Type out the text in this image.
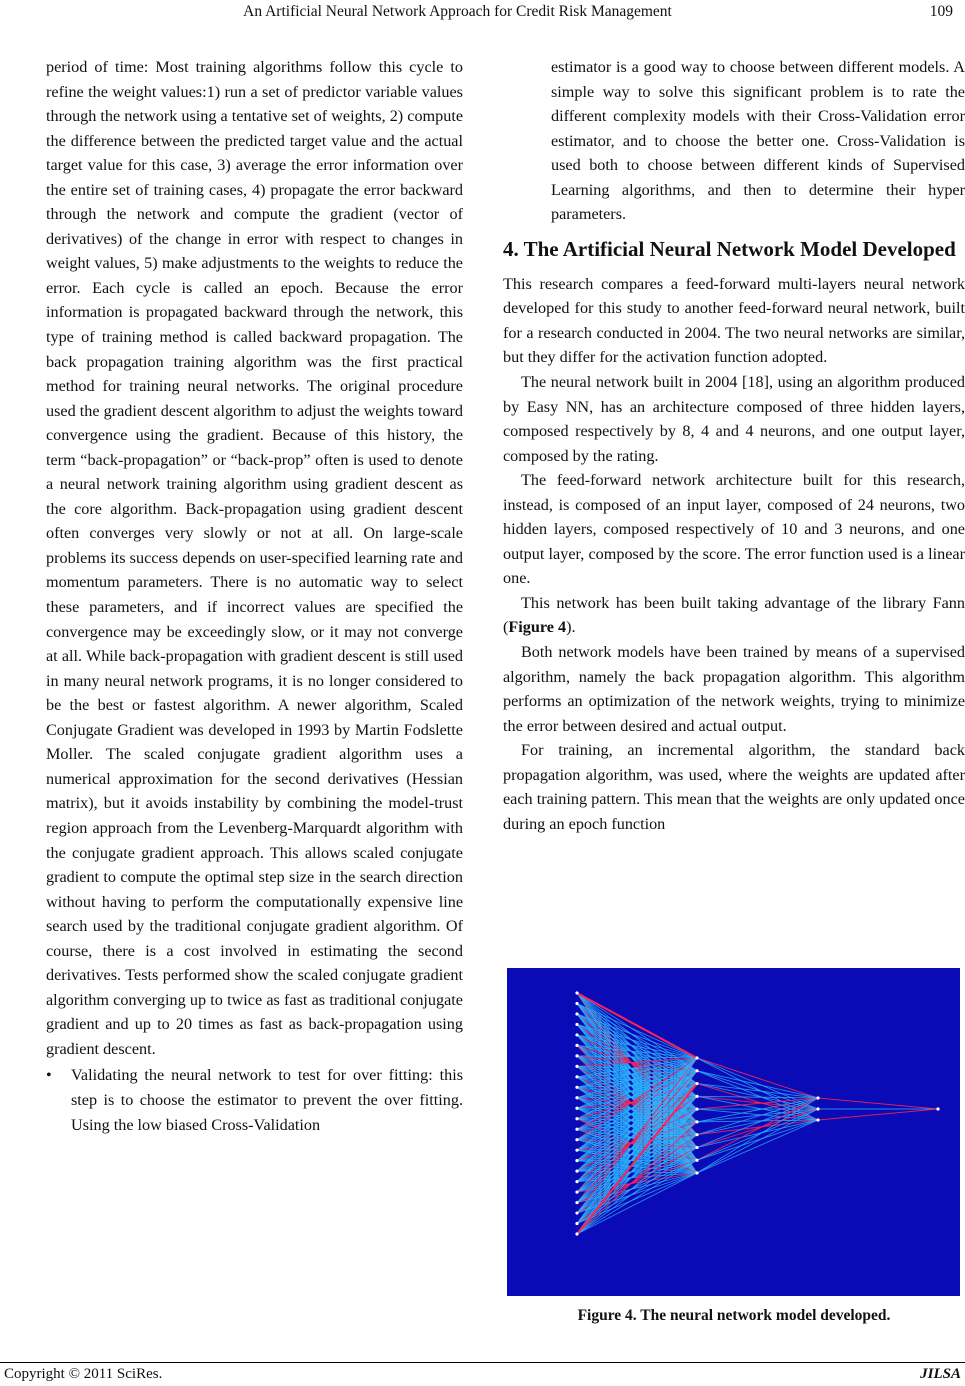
An Artificial Neural Network Approach for Credit Risk Management	109

period of time: Most training algorithms follow this cycle to refine the weight values:1) run a set of predictor variable values through the network using a tentative set of weights, 2) compute the difference between the predicted target value and the actual target value for this case, 3) average the error information over the entire set of training cases, 4) propagate the error backward through the network and compute the gradient (vector of derivatives) of the change in error with respect to changes in weight values, 5) make adjustments to the weights to reduce the error. Each cycle is called an epoch. Because the error information is propagated backward through the network, this type of training method is called backward propagation. The back propagation training algorithm was the first practical method for training neural networks. The original procedure used the gradient descent algorithm to adjust the weights toward convergence using the gradient. Because of this history, the term “back-propagation” or “back-prop” often is used to denote a neural network training algorithm using gradient descent as the core algorithm. Back-propagation using gradient descent often converges very slowly or not at all. On large-scale problems its success depends on user-specified learning rate and momentum parameters. There is no automatic way to select these parameters, and if incorrect values are specified the convergence may be exceedingly slow, or it may not converge at all. While back-propagation with gradient descent is still used in many neural network programs, it is no longer considered to be the best or fastest algorithm. A newer algorithm, Scaled Conjugate Gradient was developed in 1993 by Martin Fodslette Moller. The scaled conjugate gradient algorithm uses a numerical approximation for the second derivatives (Hessian matrix), but it avoids instability by combining the model-trust region approach from the Levenberg-Marquardt algorithm with the conjugate gradient approach. This allows scaled conjugate gradient to compute the optimal step size in the search direction without having to perform the computationally expensive line search used by the traditional conjugate gradient algorithm. Of course, there is a cost involved in estimating the second derivatives. Tests performed show the scaled conjugate gradient algorithm converging up to twice as fast as traditional conjugate gradient and up to 20 times as fast as back-propagation using gradient descent.

• Validating the neural network to test for over fitting: this step is to choose the estimator to prevent the over fitting. Using the low biased Cross-Validation

estimator is a good way to choose between different models. A simple way to solve this significant problem is to rate the different complexity models with their Cross-Validation error estimator, and to choose the better one. Cross-Validation is used both to choose between different kinds of Supervised Learning algorithms, and then to determine their hyper parameters.

4. The Artificial Neural Network Model Developed

This research compares a feed-forward multi-layers neural network developed for this study to another feed-forward neural network, built for a research conducted in 2004. The two neural networks are similar, but they differ for the activation function adopted.

The neural network built in 2004 [18], using an algorithm produced by Easy NN, has an architecture composed of three hidden layers, composed respectively by 8, 4 and 4 neurons, and one output layer, composed by the rating.

The feed-forward network architecture built for this research, instead, is composed of an input layer, composed of 24 neurons, two hidden layers, composed respectively of 10 and 3 neurons, and one output layer, composed by the score. The error function used is a linear one.

This network has been built taking advantage of the library Fann (Figure 4).

Both network models have been trained by means of a supervised algorithm, namely the back propagation algorithm. This algorithm performs an optimization of the network weights, trying to minimize the error between desired and actual output.

For training, an incremental algorithm, the standard back propagation algorithm, was used, where the weights are updated after each training pattern. This mean that the weights are only updated once during an epoch function

Figure 4. The neural network model developed.
Copyright © 2011 SciRes.	JILSA
